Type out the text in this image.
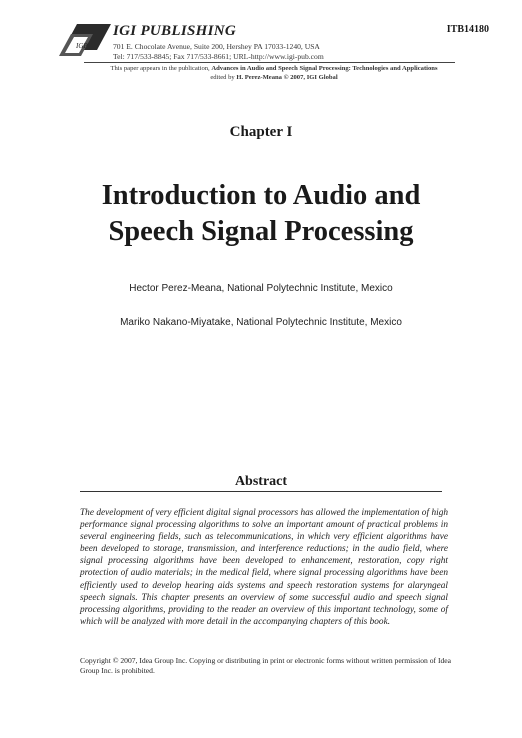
IGP
IGI PUBLISHING	ITB14180
701 E. Chocolate Avenue, Suite 200, Hershey PA 17033-1240, USA
Tel: 717/533-8845; Fax 717/533-8661; URL-http://www.igi-pub.com
This paper appears in the publication, Advances in Audio and Speech Signal Processing: Technologies and Applications
edited by H. Perez-Meana © 2007, IGI Global
Chapter I
Introduction to Audio and
Speech Signal Processing
Hector Perez-Meana, National Polytechnic Institute, Mexico
Mariko Nakano-Miyatake, National Polytechnic Institute, Mexico
Abstract
The development of very efficient digital signal processors has allowed the implementation of high performance signal processing algorithms to solve an important amount of practical problems in several engineering fields, such as telecommunications, in which very efficient algorithms have been developed to storage, transmission, and interference reductions; in the audio field, where signal processing algorithms have been developed to enhancement, restoration, copy right protection of audio materials; in the medical field, where signal processing algorithms have been efficiently used to develop hearing aids systems and speech restoration systems for alaryngeal speech signals. This chapter presents an overview of some successful audio and speech signal processing algorithms, providing to the reader an overview of this important technology, some of which will be analyzed with more detail in the accompanying chapters of this book.
Copyright © 2007, Idea Group Inc. Copying or distributing in print or electronic forms without written permission of Idea Group Inc. is prohibited.
